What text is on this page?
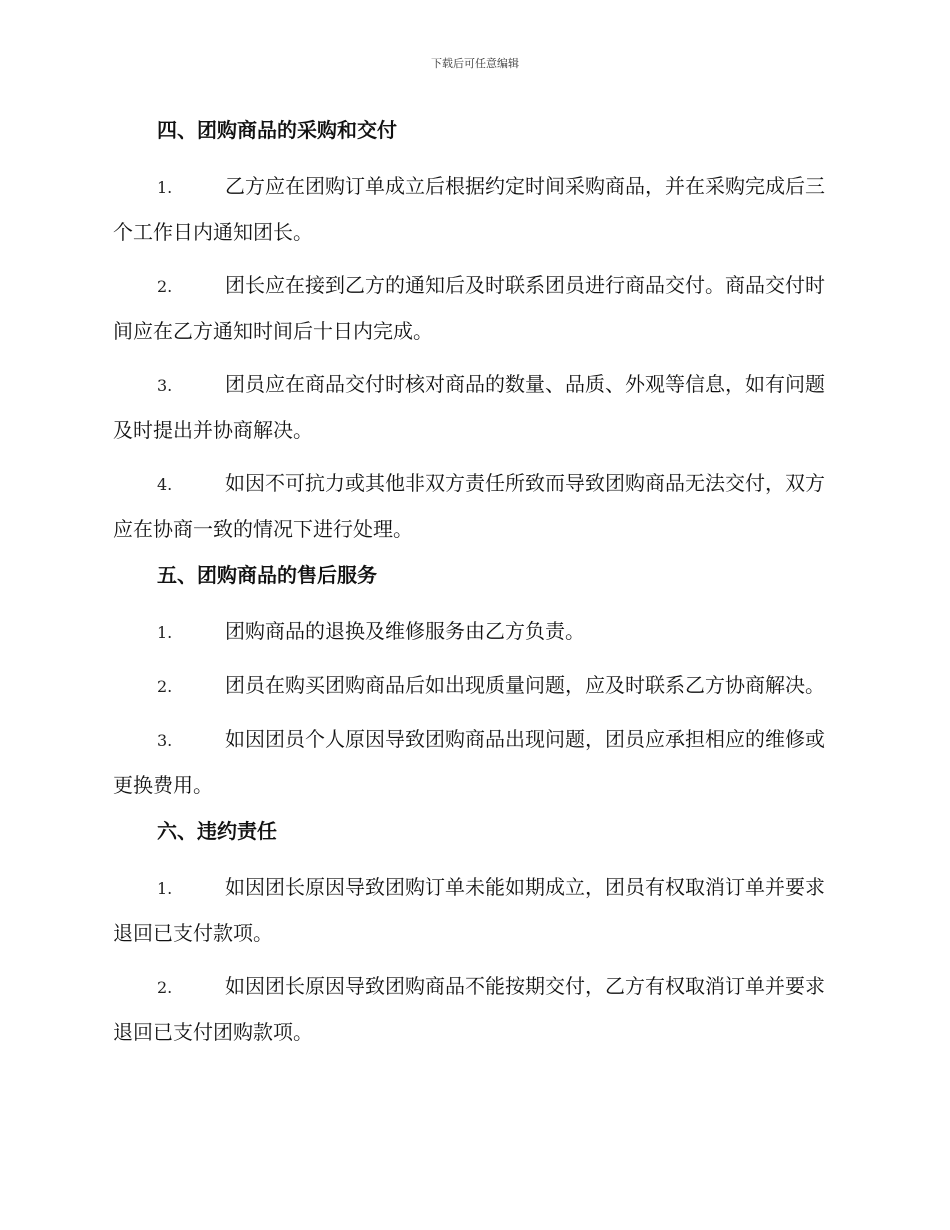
下载后可任意编辑
四、团购商品的采购和交付
1.	乙方应在团购订单成立后根据约定时间采购商品，并在采购完成后三个工作日内通知团长。
2.	团长应在接到乙方的通知后及时联系团员进行商品交付。商品交付时间应在乙方通知时间后十日内完成。
3.	团员应在商品交付时核对商品的数量、品质、外观等信息，如有问题及时提出并协商解决。
4.	如因不可抗力或其他非双方责任所致而导致团购商品无法交付，双方应在协商一致的情况下进行处理。
五、团购商品的售后服务
1.	团购商品的退换及维修服务由乙方负责。
2.	团员在购买团购商品后如出现质量问题，应及时联系乙方协商解决。
3.	如因团员个人原因导致团购商品出现问题，团员应承担相应的维修或更换费用。
六、违约责任
1.	如因团长原因导致团购订单未能如期成立，团员有权取消订单并要求退回已支付款项。
2.	如因团长原因导致团购商品不能按期交付，乙方有权取消订单并要求退回已支付团购款项。
